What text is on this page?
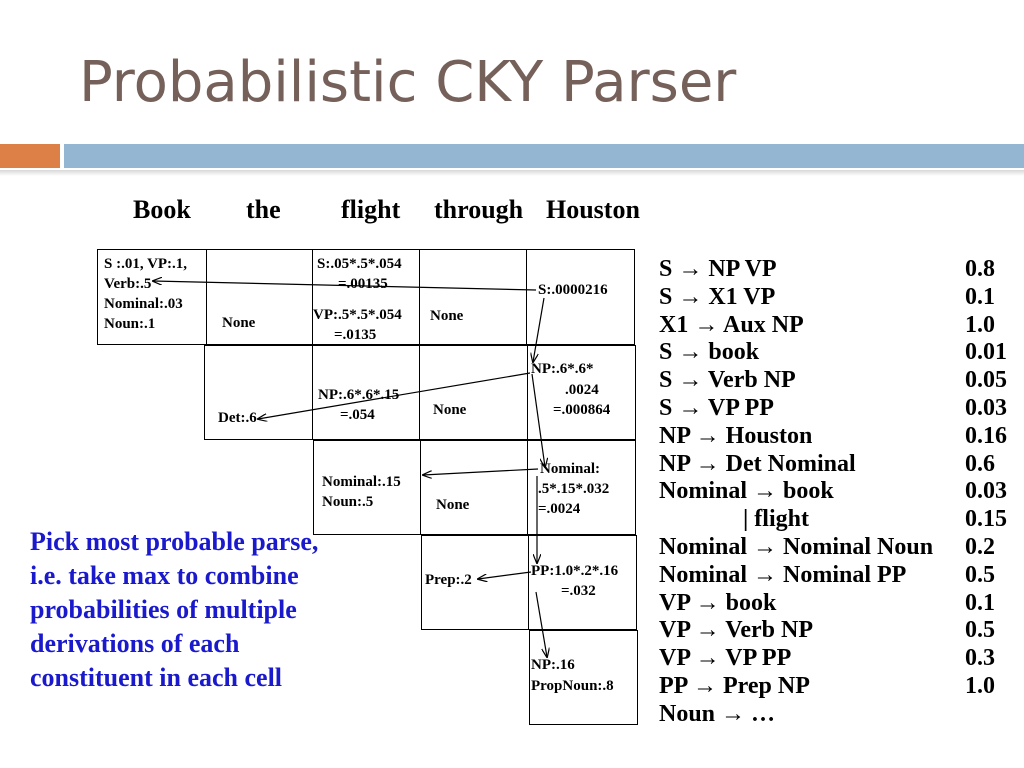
Probabilistic CKY Parser
Book the flight through Houston
S :.01, VP:.1,
Verb:.5
Nominal:.03
Noun:.1	None
S:.05*.5*.054
=.00135
VP:.5*.5*.054
=.0135
None
S:.0000216
Det:.6
NP:.6*.6*.15
=.054	None
NP:.6*.6*
.0024
=.000864
Nominal:.15
Noun:.5	None
Nominal:
.5*.15*.032
=.0024
Prep:.2
PP:1.0*.2*.16
=.032
NP:.16
PropNoun:.8
Pick most probable parse, i.e. take max to combine probabilities of multiple derivations of each constituent in each cell
S → NP VP	0.8
S → X1 VP	0.1
X1 → Aux NP	1.0
S → book	0.01
S → Verb NP	0.05
S → VP PP	0.03
NP → Houston	0.16
NP → Det Nominal	0.6
Nominal → book	0.03
| flight	0.15
Nominal → Nominal Noun 0.2
Nominal → Nominal PP 0.5
VP → book	0.1
VP → Verb NP	0.5
VP → VP PP	0.3
PP → Prep NP	1.0
Noun → …
